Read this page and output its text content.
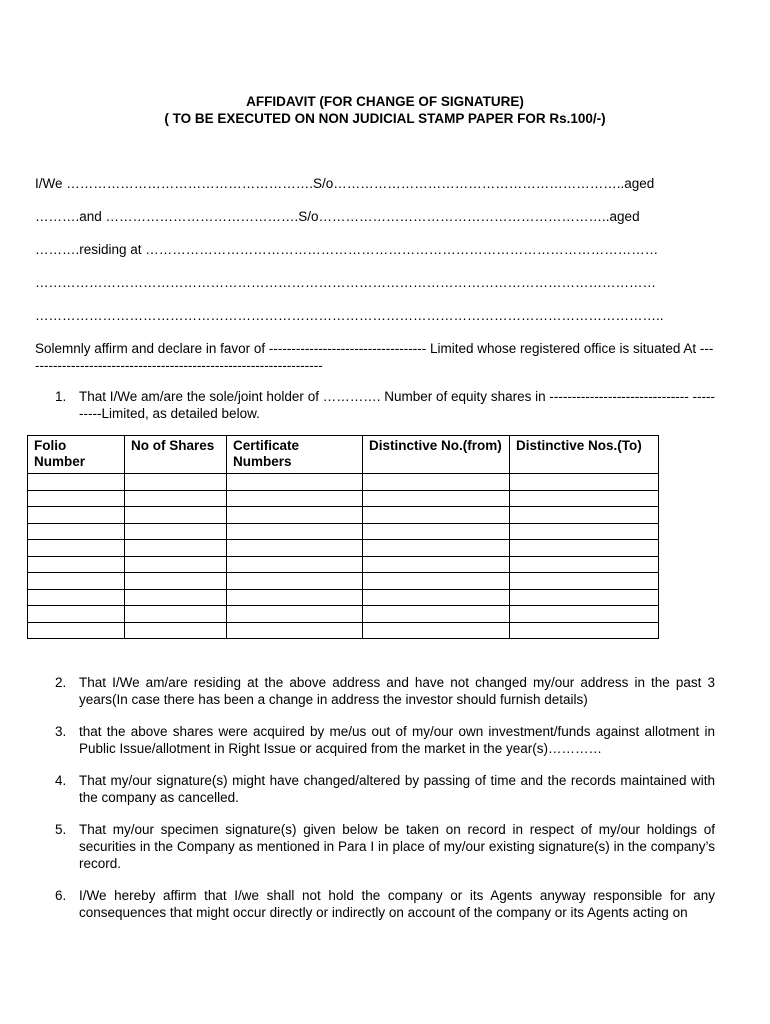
AFFIDAVIT (FOR CHANGE OF SIGNATURE)
( TO BE EXECUTED ON NON JUDICIAL STAMP PAPER FOR Rs.100/-)
I/We ……………………………………………….S/o………………………………………………………..aged
……….and …………………………………….S/o………………………………………………………..aged
……….residing at ……………………………………………………………………………………………………
…………………………………………………………………………………………………………………………
…………………………………………………………………………………………………………………………..
Solemnly affirm and declare in favor of ----------------------------------- Limited whose registered office is situated At -------------------------------------------------------------------
1. That I/We am/are the sole/joint holder of …………. Number of equity shares in ------------------------------- ----------Limited, as detailed below.
Folio Number	No of Shares	Certificate Numbers	Distinctive No.(from)	Distinctive Nos.(To)

2. That I/We am/are residing at the above address and have not changed my/our address in the past 3 years(In case there has been a change in address the investor should furnish details)
3. that the above shares were acquired by me/us out of my/our own investment/funds against allotment in Public Issue/allotment in Right Issue or acquired from the market in the year(s)…………
4. That my/our signature(s) might have changed/altered by passing of time and the records maintained with the company as cancelled.
5. That my/our specimen signature(s) given below be taken on record in respect of my/our holdings of securities in the Company as mentioned in Para I in place of my/our existing signature(s) in the company’s record.
6. I/We hereby affirm that I/we shall not hold the company or its Agents anyway responsible for any consequences that might occur directly or indirectly on account of the company or its Agents acting on
